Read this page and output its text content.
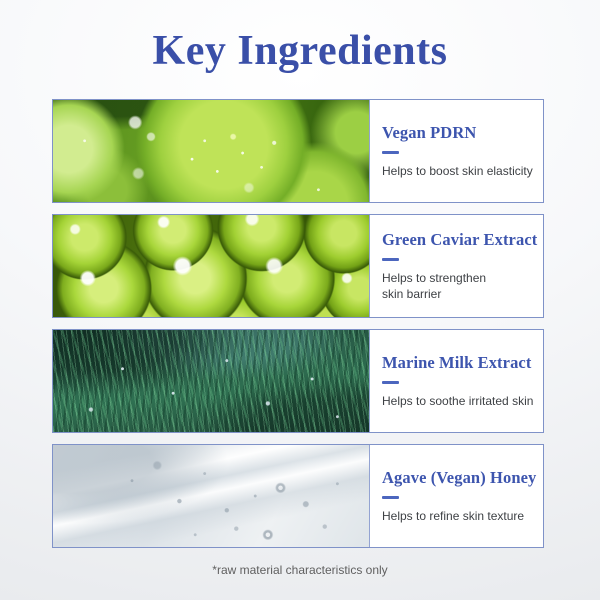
Key Ingredients
Vegan PDRN

Helps to boost skin elasticity

Green Caviar Extract

Helps to strengthen
skin barrier

Marine Milk Extract

Helps to soothe irritated skin

Agave (Vegan) Honey

Helps to refine skin texture

*raw material characteristics only
